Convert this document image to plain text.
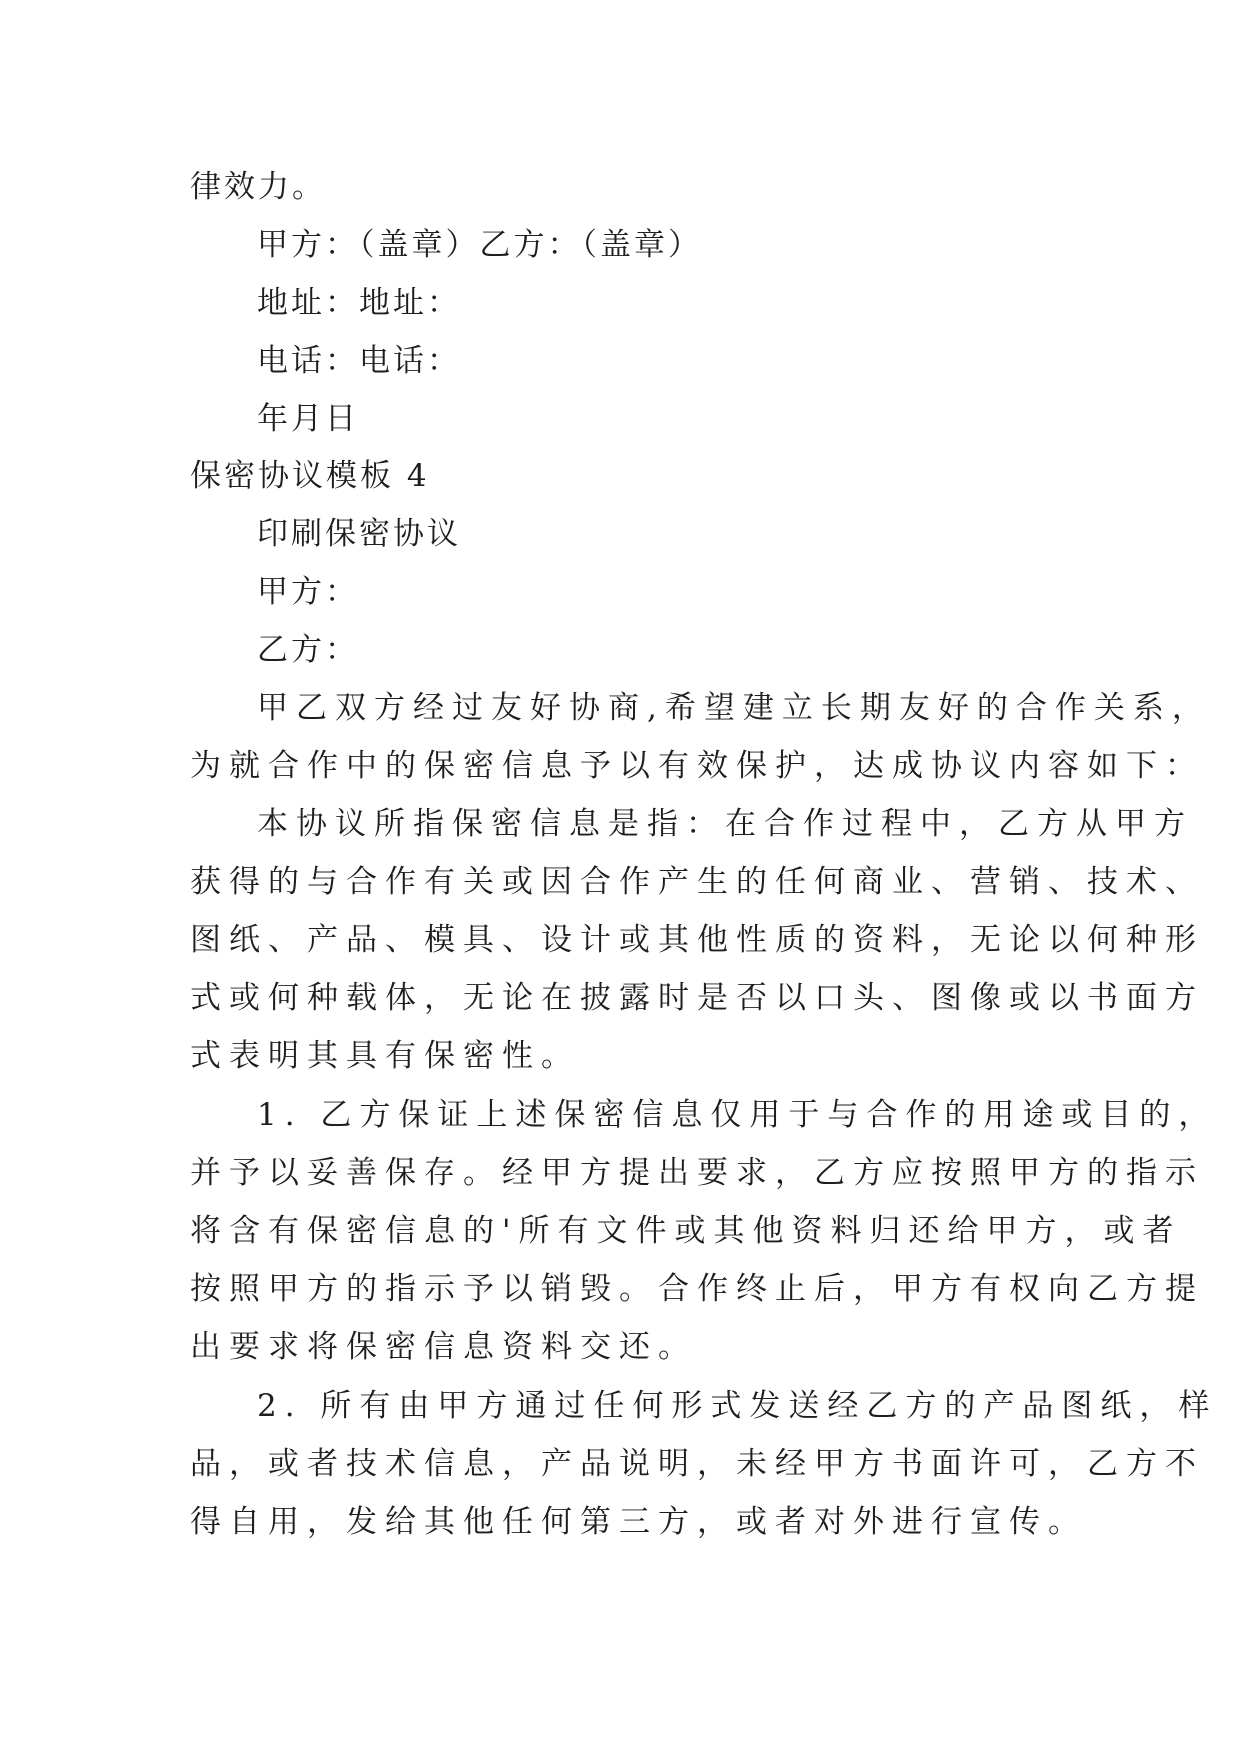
律效力。

甲方：（盖章）乙方：（盖章）

地址：地址：

电话：电话：

年月日

保密协议模板 4

印刷保密协议

甲方：

乙方：

甲乙双方经过友好协商,希望建立长期友好的合作关系，

为就合作中的保密信息予以有效保护，达成协议内容如下：

本协议所指保密信息是指：在合作过程中，乙方从甲方

获得的与合作有关或因合作产生的任何商业、营销、技术、

图纸、产品、模具、设计或其他性质的资料，无论以何种形

式或何种载体，无论在披露时是否以口头、图像或以书面方

式表明其具有保密性。

1. 乙方保证上述保密信息仅用于与合作的用途或目的，

并予以妥善保存。经甲方提出要求，乙方应按照甲方的指示

将含有保密信息的'所有文件或其他资料归还给甲方，或者

按照甲方的指示予以销毁。合作终止后，甲方有权向乙方提

出要求将保密信息资料交还。

2. 所有由甲方通过任何形式发送经乙方的产品图纸，样

品，或者技术信息，产品说明，未经甲方书面许可，乙方不

得自用，发给其他任何第三方，或者对外进行宣传。
